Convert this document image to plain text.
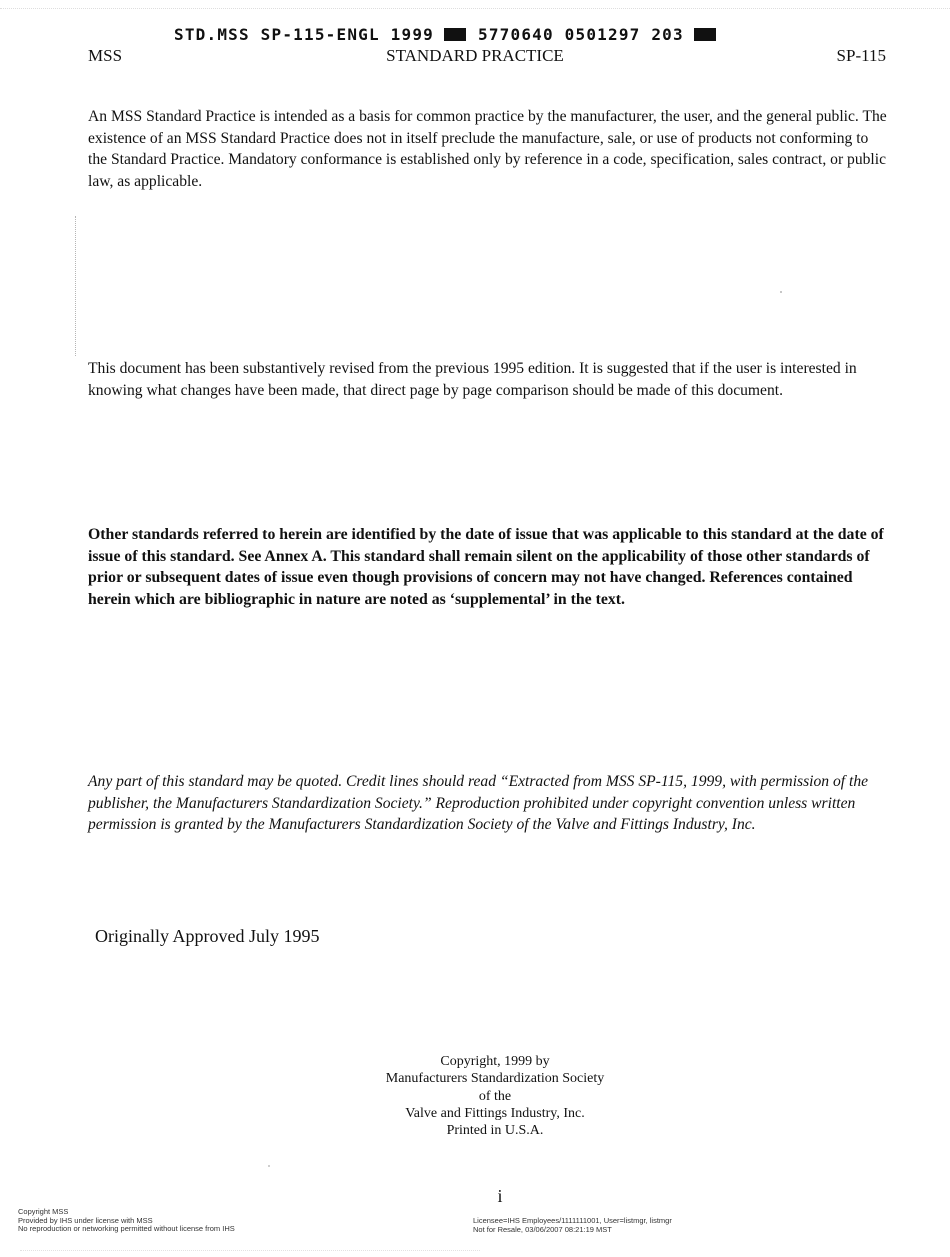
STD.MSS SP-115-ENGL 1999	5770640 0501297 203
MSS	STANDARD PRACTICE	SP-115
An MSS Standard Practice is intended as a basis for common practice by the manufacturer, the user, and the general public. The existence of an MSS Standard Practice does not in itself preclude the manufacture, sale, or use of products not conforming to the Standard Practice. Mandatory conformance is established only by reference in a code, specification, sales contract, or public law, as applicable.
This document has been substantively revised from the previous 1995 edition. It is suggested that if the user is interested in knowing what changes have been made, that direct page by page comparison should be made of this document.
Other standards referred to herein are identified by the date of issue that was applicable to this standard at the date of issue of this standard. See Annex A. This standard shall remain silent on the applicability of those other standards of prior or subsequent dates of issue even though provisions of concern may not have changed. References contained herein which are bibliographic in nature are noted as ‘supplemental’ in the text.
Any part of this standard may be quoted. Credit lines should read “Extracted from MSS SP-115, 1999, with permission of the publisher, the Manufacturers Standardization Society.” Reproduction prohibited under copyright convention unless written permission is granted by the Manufacturers Standardization Society of the Valve and Fittings Industry, Inc.
Originally Approved July 1995
Copyright, 1999 by
Manufacturers Standardization Society
of the
Valve and Fittings Industry, Inc.
Printed in U.S.A.
i
Copyright MSS
Provided by IHS under license with MSS
No reproduction or networking permitted without license from IHS
Licensee=IHS Employees/1111111001, User=listmgr, listmgr
Not for Resale, 03/06/2007 08:21:19 MST
